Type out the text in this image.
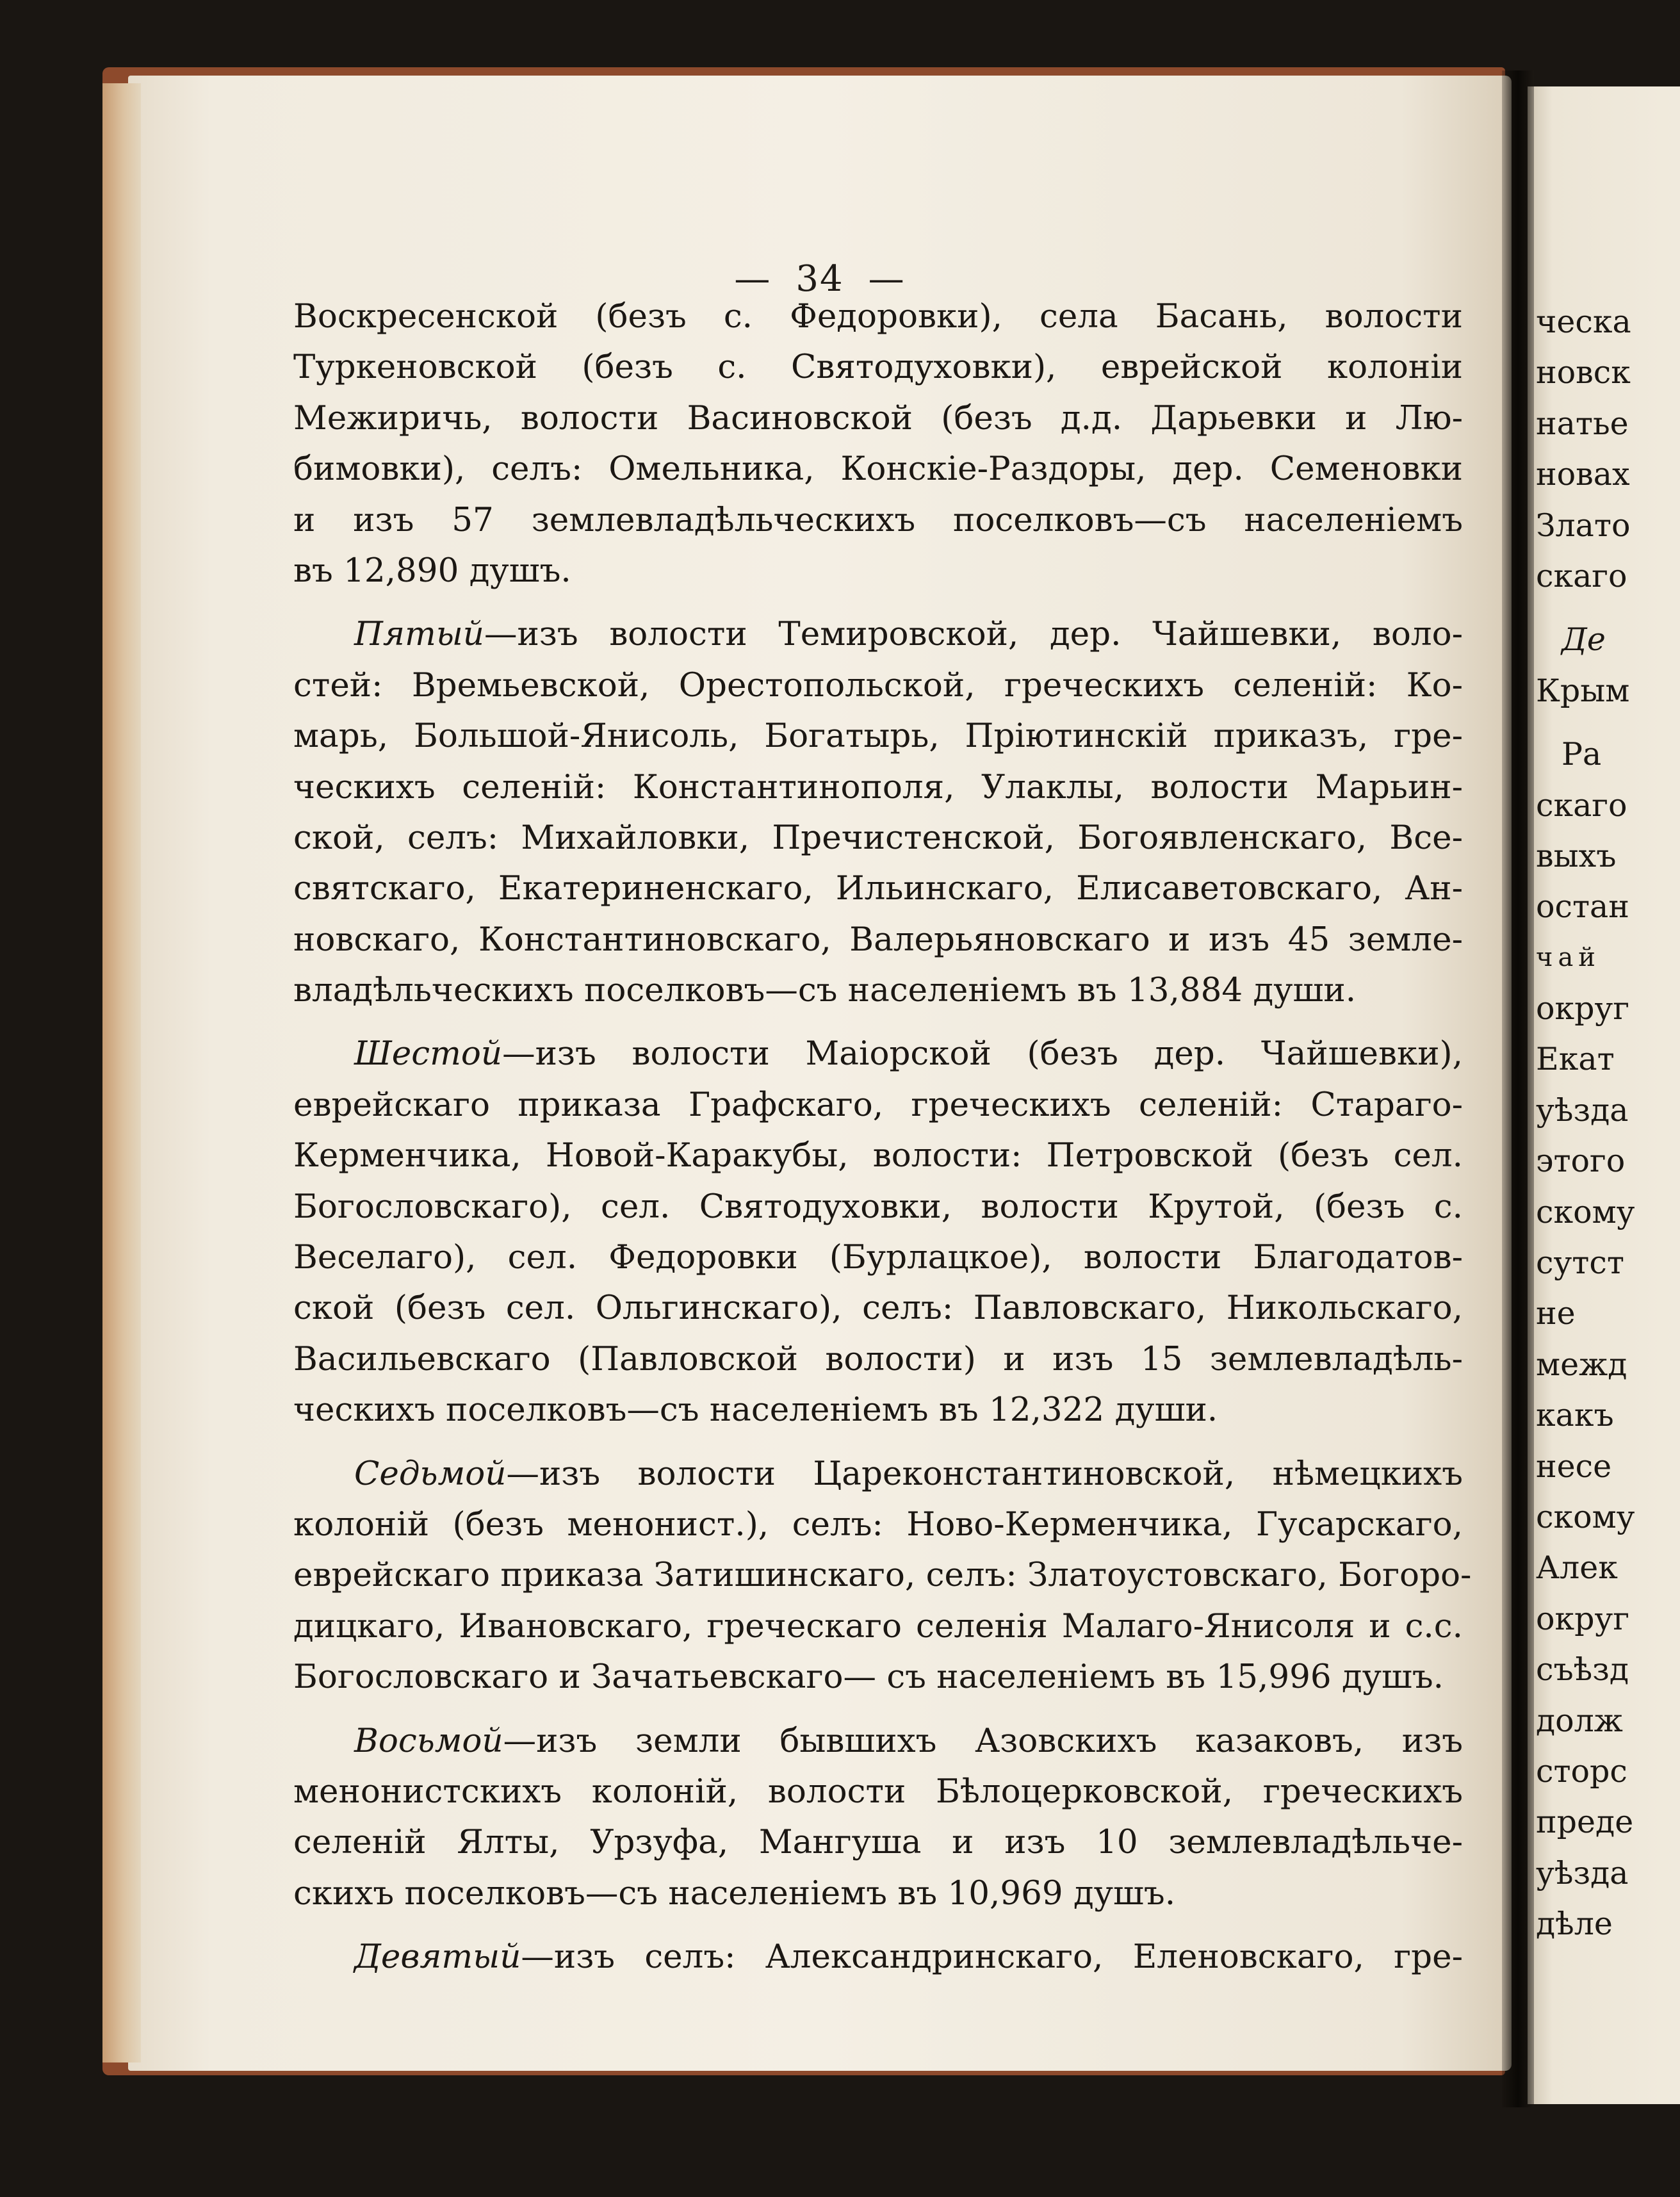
— 34 —
Воскресенской (безъ с. Федоровки), села Басань, волости
Туркеновской (безъ с. Святодуховки), еврейской колоніи
Межиричь, волости Васиновской (безъ д.д. Дарьевки и Лю-
бимовки), селъ: Омельника, Конскіе-Раздоры, дер. Семеновки
и изъ 57 землевладѣльческихъ поселковъ—съ населеніемъ
въ 12,890 душъ.
Пятый—изъ волости Темировской, дер. Чайшевки, воло-
стей: Времьевской, Орестопольской, греческихъ селеній: Ко-
марь, Большой-Янисоль, Богатырь, Пріютинскій приказъ, гре-
ческихъ селеній: Константинополя, Улаклы, волости Марьин-
ской, селъ: Михайловки, Пречистенской, Богоявленскаго, Все-
святскаго, Екатериненскаго, Ильинскаго, Елисаветовскаго, Ан-
новскаго, Константиновскаго, Валерьяновскаго и изъ 45 земле-
владѣльческихъ поселковъ—съ населеніемъ въ 13,884 души.
Шестой—изъ волости Маіорской (безъ дер. Чайшевки),
еврейскаго приказа Графскаго, греческихъ селеній: Стараго-
Керменчика, Новой-Каракубы, волости: Петровской (безъ сел.
Богословскаго), сел. Святодуховки, волости Крутой, (безъ с.
Веселаго), сел. Федоровки (Бурлацкое), волости Благодатов-
ской (безъ сел. Ольгинскаго), селъ: Павловскаго, Никольскаго,
Васильевскаго (Павловской волости) и изъ 15 землевладѣль-
ческихъ поселковъ—съ населеніемъ въ 12,322 души.
Седьмой—изъ волости Цареконстантиновской, нѣмецкихъ
колоній (безъ менонист.), селъ: Ново-Керменчика, Гусарскаго,
еврейскаго приказа Затишинскаго, селъ: Златоустовскаго, Богоро-
дицкаго, Ивановскаго, греческаго селенія Малаго-Янисоля и с.с.
Богословскаго и Зачатьевскаго— съ населеніемъ въ 15,996 душъ.
Восьмой—изъ земли бывшихъ Азовскихъ казаковъ, изъ
менонистскихъ колоній, волости Бѣлоцерковской, греческихъ
селеній Ялты, Урзуфа, Мангуша и изъ 10 землевладѣльче-
скихъ поселковъ—съ населеніемъ въ 10,969 душъ.
Девятый—изъ селъ: Александринскаго, Еленовскаго, гре-
ческа
новск
натье
новах
Злато
скаго
Де
Крым
Ра
скаго
выхъ
остан
чай
округ
Екат
уѣзда
этого
скому
сутст
не
межд
какъ
несе
скому
Алек
округ
съѣзд
долж
сторс
преде
уѣзда
дѣле
